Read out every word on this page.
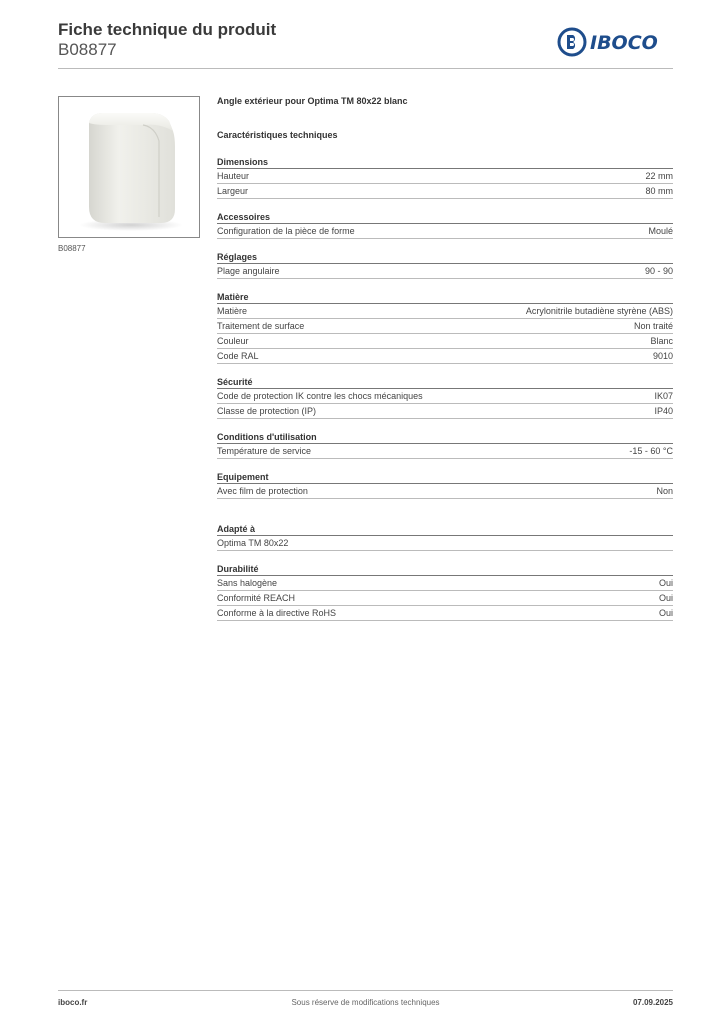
Fiche technique du produit
B08877	IBOCO
B08877
Angle extérieur pour Optima TM 80x22 blanc
Caractéristiques techniques
Dimensions
Hauteur	22 mm
Largeur	80 mm
Accessoires
Configuration de la pièce de forme	Moulé
Réglages
Plage angulaire	90 - 90
Matière
Matière	Acrylonitrile butadiène styrène (ABS)
Traitement de surface	Non traité
Couleur	Blanc
Code RAL	9010
Sécurité
Code de protection IK contre les chocs mécaniques	IK07
Classe de protection (IP)	IP40
Conditions d'utilisation
Température de service	-15 - 60 °C
Equipement
Avec film de protection	Non
Adapté à
Optima TM 80x22
Durabilité
Sans halogène	Oui
Conformité REACH	Oui
Conforme à la directive RoHS	Oui
iboco.fr	Sous réserve de modifications techniques	07.09.2025
